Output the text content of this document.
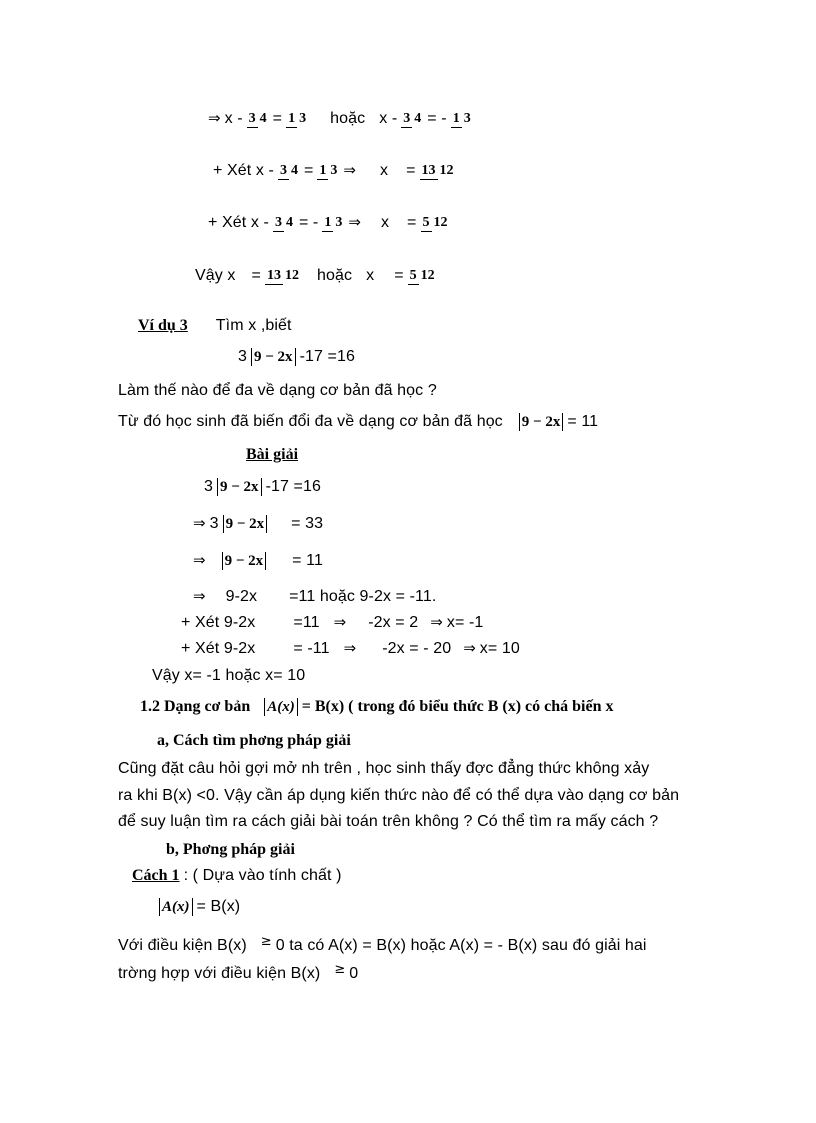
⇒ x - 3 4 = 1 3 hoặc x - 3 4 = - 1 3
+ Xét x - 3 4 = 1 3 ⇒ x = 13 12
+ Xét x - 3 4 = - 1 3 ⇒ x = 5 12
Vậy x = 13 12 hoặc x = 5 12
Ví dụ 3 Tìm x ,biết
3 9 − 2x -17 =16
Làm thế nào để đa về dạng cơ bản đã học ?
Từ đó học sinh đã biến đổi đa về dạng cơ bản đã học 9 − 2x = 11
Bài giải
3 9 − 2x -17 =16
⇒ 3 9 − 2x = 33
⇒ 9 − 2x = 11
⇒ 9-2x =11 hoặc 9-2x = -11.
+ Xét 9-2x =11 ⇒ -2x = 2 ⇒ x= -1
+ Xét 9-2x = -11 ⇒ -2x = - 20 ⇒ x= 10
Vậy x= -1 hoặc x= 10
1.2 Dạng cơ bản A(x) = B(x) ( trong đó biểu thức B (x) có chá biến x
a, Cách tìm phơng pháp giải
Cũng đặt câu hỏi gợi mở nh trên , học sinh thấy đợc đẳng thức không xảy
ra khi B(x) <0. Vậy cần áp dụng kiến thức nào để có thể dựa vào dạng cơ bản
để suy luận tìm ra cách giải bài toán trên không ? Có thể tìm ra mấy cách ?
b, Phơng pháp giải
Cách 1 : ( Dựa vào tính chất )
A(x) = B(x)
Với điều kiện B(x) ≥ 0 ta có A(x) = B(x) hoặc A(x) = - B(x) sau đó giải hai
trờng hợp với điều kiện B(x) ≥ 0
